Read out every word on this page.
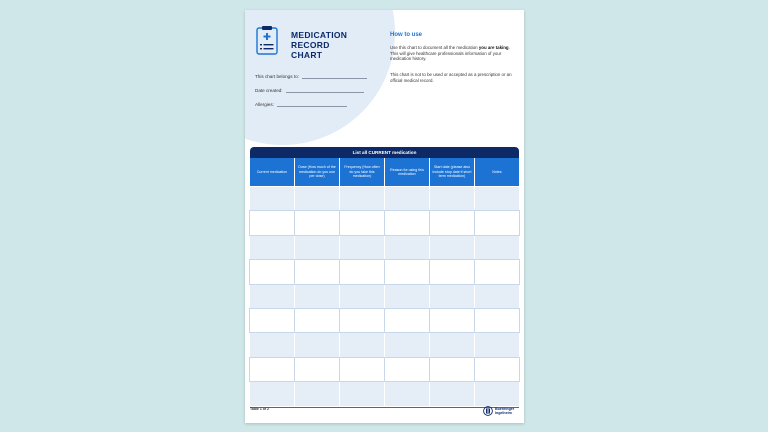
MEDICATION
RECORD
CHART
This chart belongs to:
Date created:
Allergies:
How to use

Use this chart to document all the medication you are taking. This will give healthcare professionals information of your medication history.

This chart is not to be used or accepted as a prescription or an official medical record.

List all CURRENT medication
Current medication
Dose (How much of the medication do you use per dose)
Frequency (How often do you take this medication)
Reason for using this medication
Start date (please also include stop date if short term medication)
Notes
Table 1 of 2	Boehringer
Ingelheim
